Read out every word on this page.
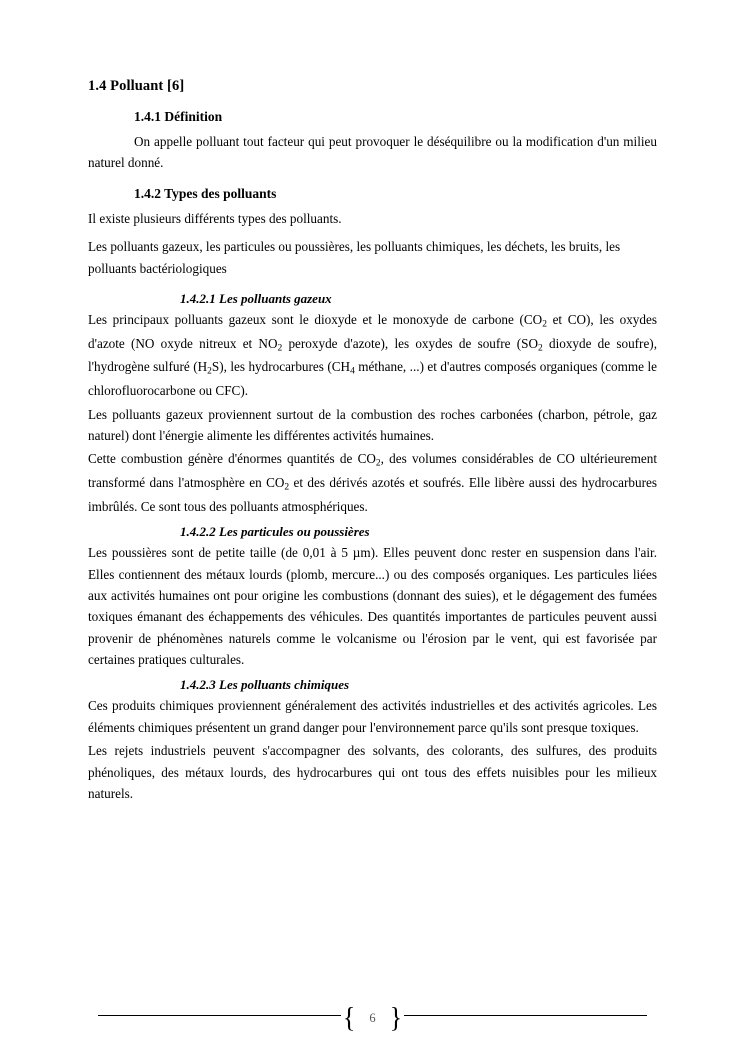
1.4 Polluant [6]
1.4.1 Définition

On appelle polluant tout facteur qui peut provoquer le déséquilibre ou la modification d'un milieu naturel donné.

1.4.2 Types des polluants

Il existe plusieurs différents types des polluants.

Les polluants gazeux, les particules ou poussières, les polluants chimiques, les déchets, les bruits, les polluants bactériologiques

1.4.2.1 Les polluants gazeux

Les principaux polluants gazeux sont le dioxyde et le monoxyde de carbone ($CO_2$ et CO), les oxydes d'azote (NO oxyde nitreux et $NO_2$ peroxyde d'azote), les oxydes de soufre ($SO_2$ dioxyde de soufre), l'hydrogène sulfuré $(H_2S)$, les hydrocarbures ($CH_4$ méthane, ...) et d'autres composés organiques (comme le chlorofluorocarbone ou CFC).

Les polluants gazeux proviennent surtout de la combustion des roches carbonées (charbon, pétrole, gaz naturel) dont l'énergie alimente les différentes activités humaines.

Cette combustion génère d'énormes quantités de $CO_2$, des volumes considérables de CO ultérieurement transformé dans l'atmosphère en $CO_2$ et des dérivés azotés et soufrés. Elle libère aussi des hydrocarbures imbrûlés. Ce sont tous des polluants atmosphériques.

1.4.2.2 Les particules ou poussières

Les poussières sont de petite taille (de 0,01 à 5 µm). Elles peuvent donc rester en suspension dans l'air. Elles contiennent des métaux lourds (plomb, mercure...) ou des composés organiques. Les particules liées aux activités humaines ont pour origine les combustions (donnant des suies), et le dégagement des fumées toxiques émanant des échappements des véhicules. Des quantités importantes de particules peuvent aussi provenir de phénomènes naturels comme le volcanisme ou l'érosion par le vent, qui est favorisée par certaines pratiques culturales.

1.4.2.3 Les polluants chimiques

Ces produits chimiques proviennent généralement des activités industrielles et des activités agricoles. Les éléments chimiques présentent un grand danger pour l'environnement parce qu'ils sont presque toxiques.

Les rejets industriels peuvent s'accompagner des solvants, des colorants, des sulfures, des produits phénoliques, des métaux lourds, des hydrocarbures qui ont tous des effets nuisibles pour les milieux naturels.

{ 6 }
